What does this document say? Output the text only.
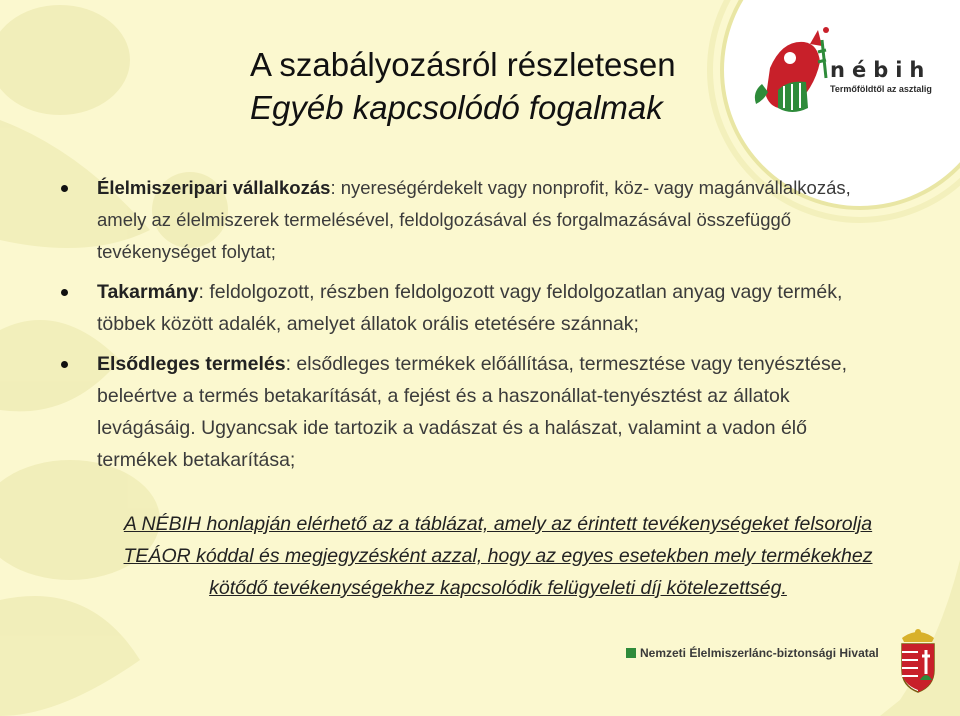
A szabályozásról részletesen
Egyéb kapcsolódó fogalmak
nébih
Termőföldtől az asztalig
Élelmiszeripari vállalkozás: nyereségérdekelt vagy nonprofit, köz- vagy magánvállalkozás, amely az élelmiszerek termelésével, feldolgozásával és forgalmazásával összefüggő tevékenységet folytat;
Takarmány: feldolgozott, részben feldolgozott vagy feldolgozatlan anyag vagy termék, többek között adalék, amelyet állatok orális etetésére szánnak;
Elsődleges termelés: elsődleges termékek előállítása, termesztése vagy tenyésztése, beleértve a termés betakarítását, a fejést és a haszonállat-tenyésztést az állatok levágásáig. Ugyancsak ide tartozik a vadászat és a halászat, valamint a vadon élő termékek betakarítása;
A NÉBIH honlapján elérhető az a táblázat, amely az érintett tevékenységeket felsorolja TEÁOR kóddal és megjegyzésként azzal, hogy az egyes esetekben mely termékekhez kötődő tevékenységekhez kapcsolódik felügyeleti díj kötelezettség.
Nemzeti Élelmiszerlánc-biztonsági Hivatal
